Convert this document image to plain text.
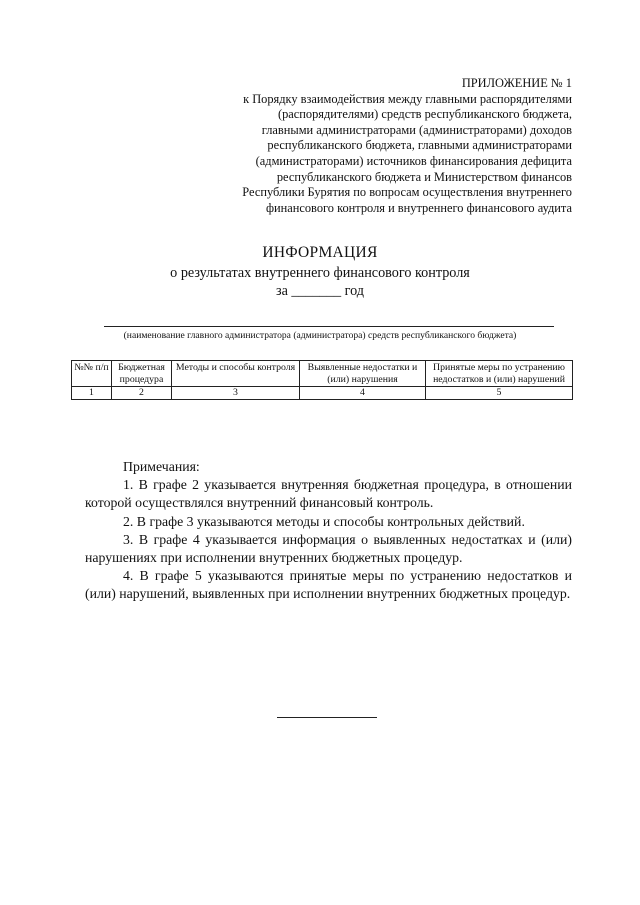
ПРИЛОЖЕНИЕ № 1
к Порядку взаимодействия между главными распорядителями
(распорядителями) средств республиканского бюджета,
главными администраторами (администраторами) доходов
республиканского бюджета, главными администраторами
(администраторами) источников финансирования дефицита
республиканского бюджета и Министерством финансов
Республики Бурятия по вопросам осуществления внутреннего
финансового контроля и внутреннего финансового аудита
ИНФОРМАЦИЯ
о результатах внутреннего финансового контроля
за _______ год
(наименование главного администратора (администратора) средств республиканского бюджета)
№№ п/п	Бюджетная процедура	Методы и способы контроля	Выявленные недостатки и (или) нарушения	Принятые меры по устранению недостатков и (или) нарушений
1	2	3	4	5

Примечания:

1. В графе 2 указывается внутренняя бюджетная процедура, в отношении которой осуществлялся внутренний финансовый контроль.

2. В графе 3 указываются методы и способы контрольных действий.

3. В графе 4 указывается информация о выявленных недостатках и (или) нарушениях при исполнении внутренних бюджетных процедур.

4. В графе 5 указываются принятые меры по устранению недостатков и (или) нарушений, выявленных при исполнении внутренних бюджетных процедур.
